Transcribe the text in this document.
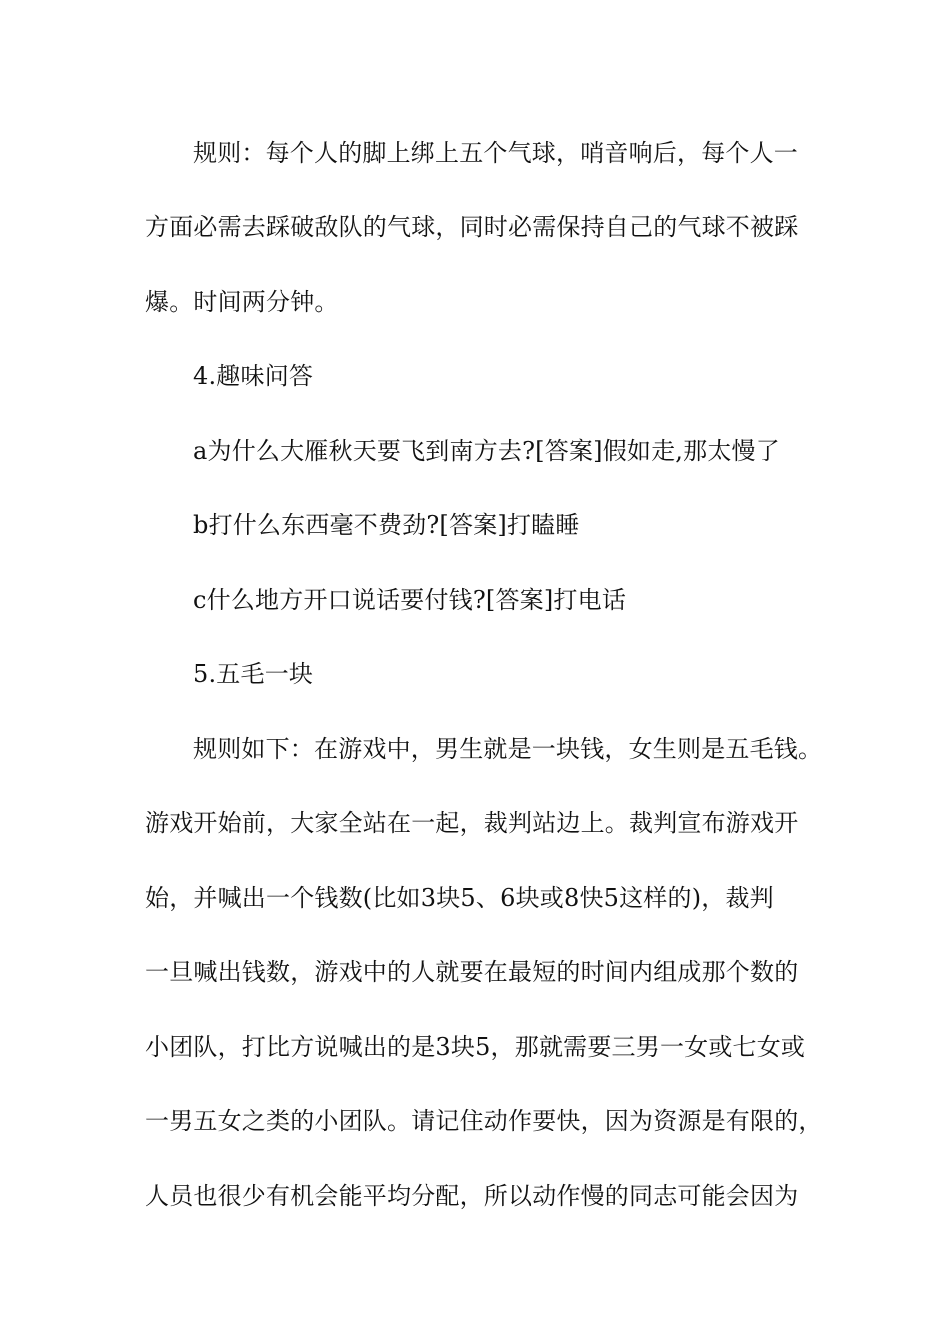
规则：每个人的脚上绑上五个气球，哨音响后，每个人一
方面必需去踩破敌队的气球，同时必需保持自己的气球不被踩
爆。时间两分钟。
4.趣味问答
a为什么大雁秋天要飞到南方去?[答案]假如走,那太慢了
b打什么东西毫不费劲?[答案]打瞌睡
c什么地方开口说话要付钱?[答案]打电话
5.五毛一块
规则如下：在游戏中，男生就是一块钱，女生则是五毛钱。
游戏开始前，大家全站在一起，裁判站边上。裁判宣布游戏开
始，并喊出一个钱数(比如3块5、6块或8快5这样的)，裁判
一旦喊出钱数，游戏中的人就要在最短的时间内组成那个数的
小团队，打比方说喊出的是3块5，那就需要三男一女或七女或
一男五女之类的小团队。请记住动作要快，因为资源是有限的，
人员也很少有机会能平均分配，所以动作慢的同志可能会因为
